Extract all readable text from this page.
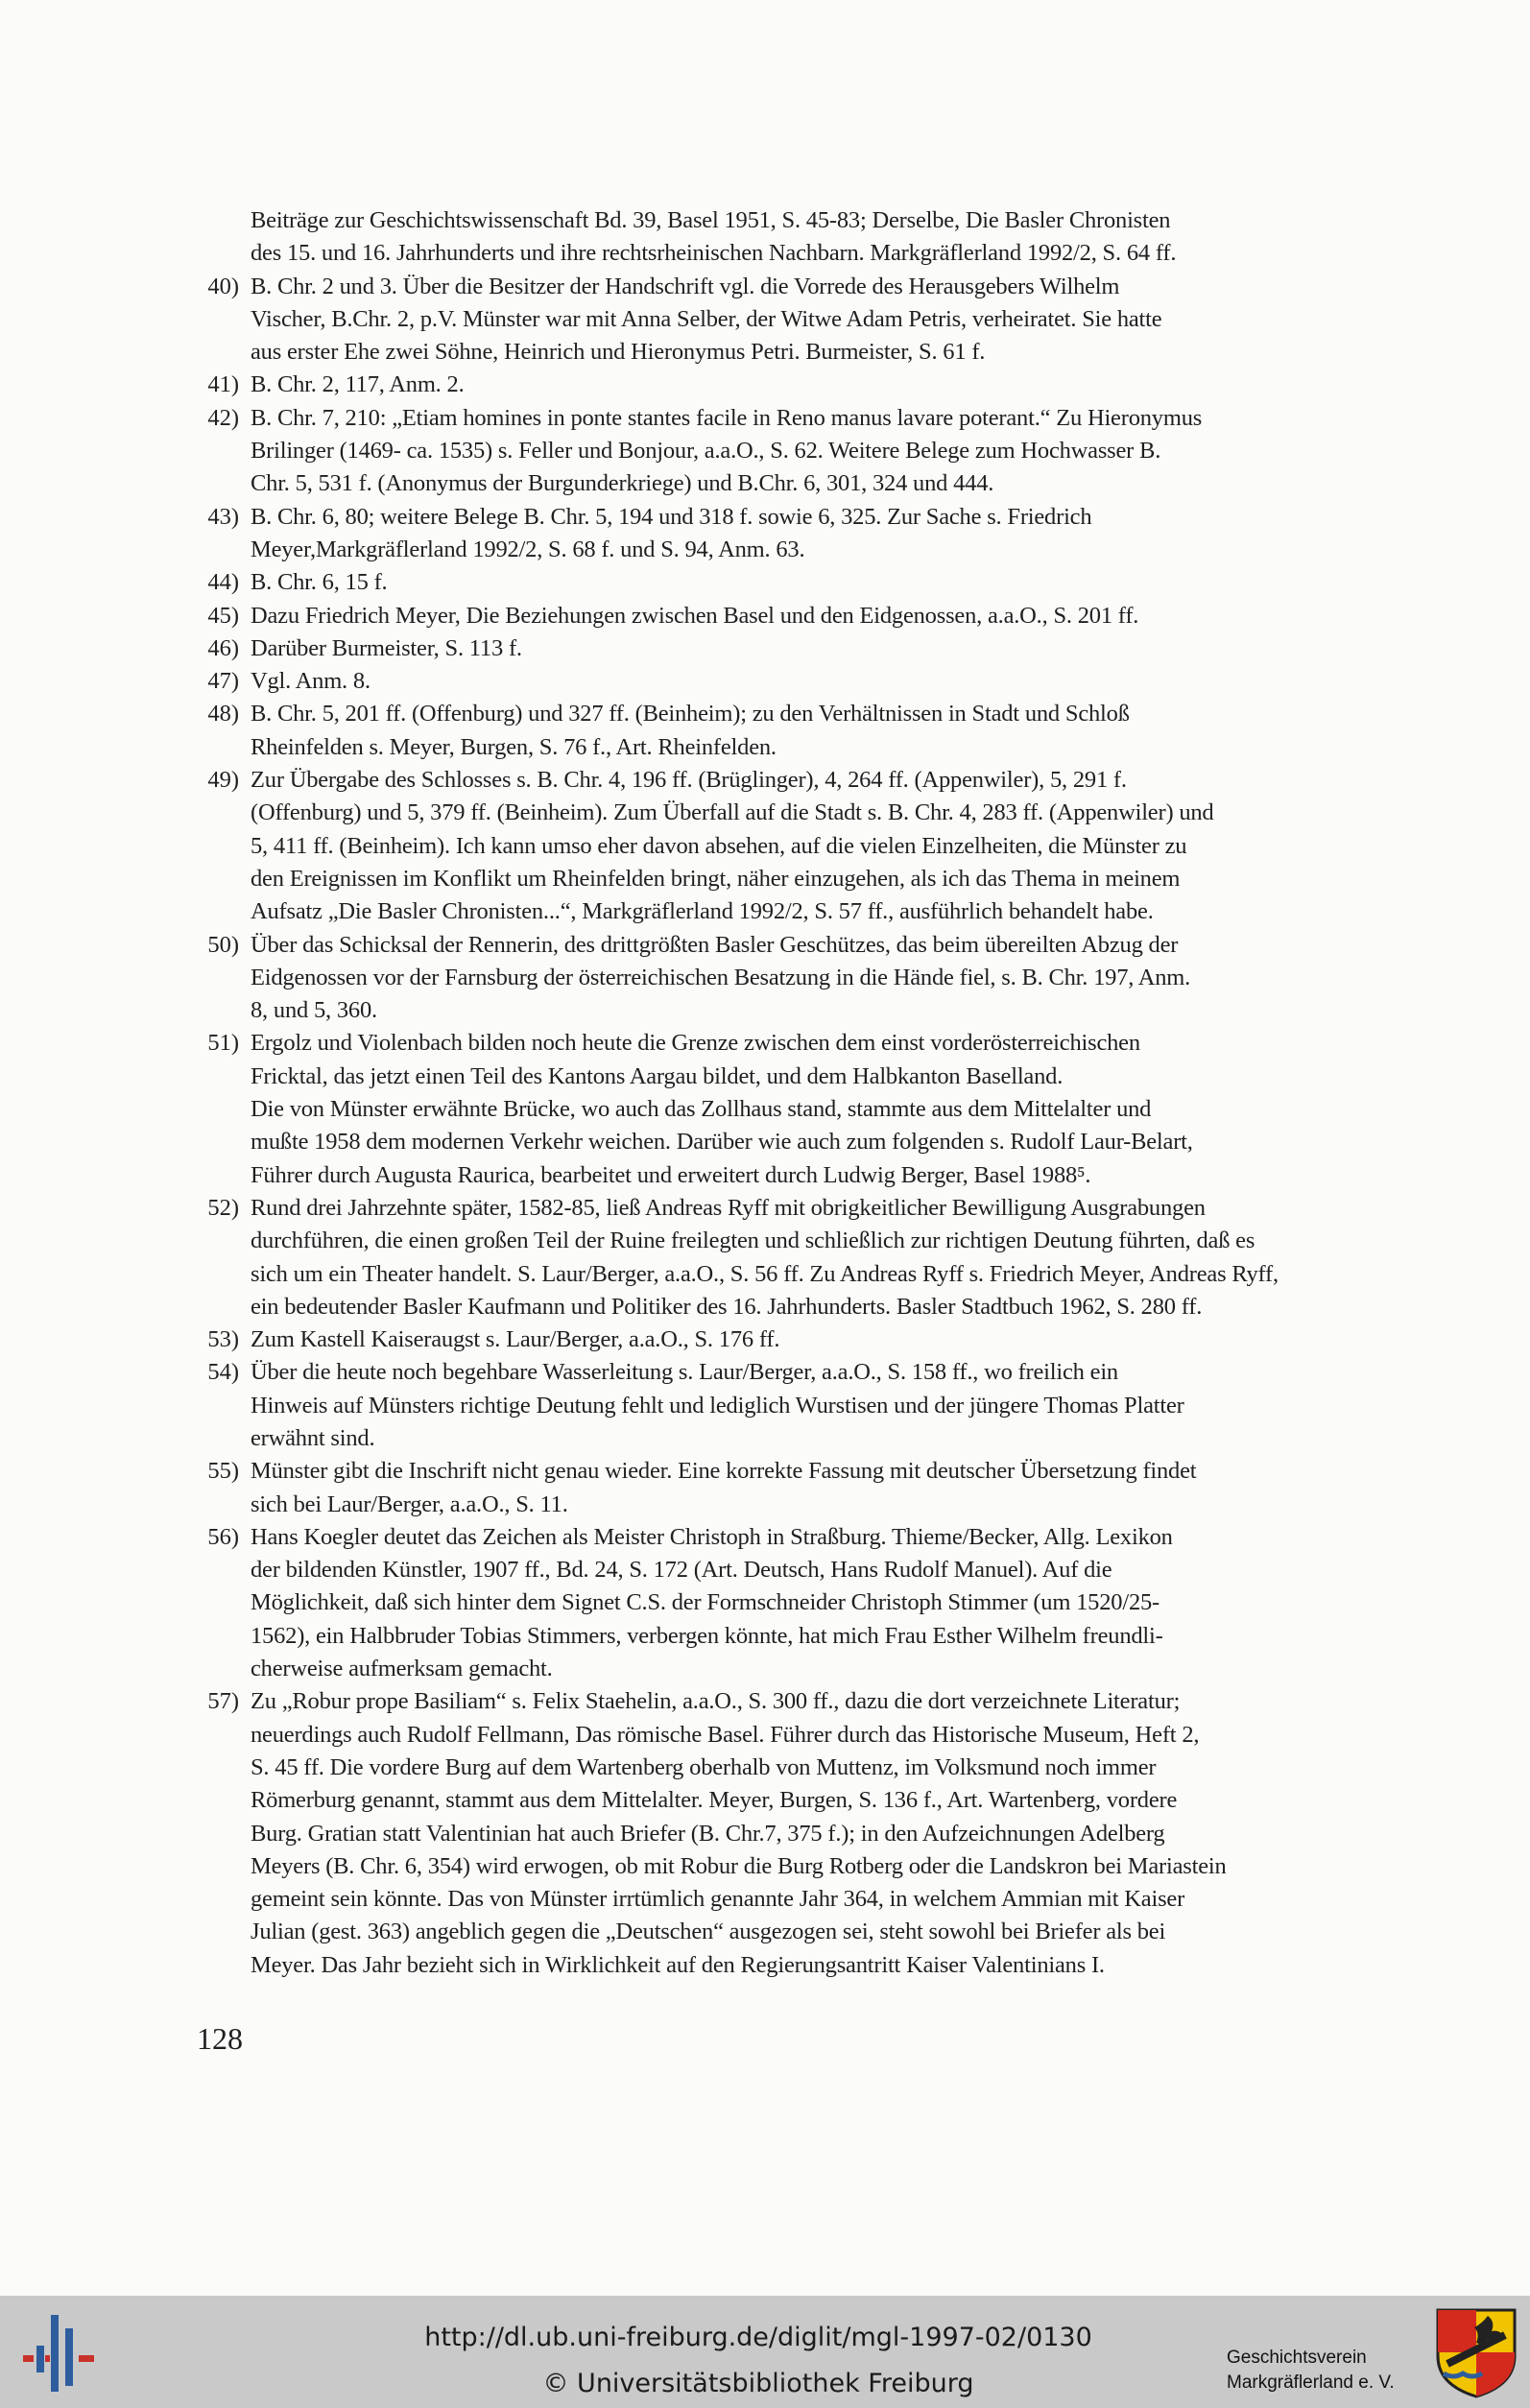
Beiträge zur Geschichtswissenschaft Bd. 39, Basel 1951, S. 45-83; Derselbe, Die Basler Chronisten
des 15. und 16. Jahrhunderts und ihre rechtsrheinischen Nachbarn. Markgräflerland 1992/2, S. 64 ff.

40) B. Chr. 2 und 3. Über die Besitzer der Handschrift vgl. die Vorrede des Herausgebers Wilhelm
Vischer, B.Chr. 2, p.V. Münster war mit Anna Selber, der Witwe Adam Petris, verheiratet. Sie hatte
aus erster Ehe zwei Söhne, Heinrich und Hieronymus Petri. Burmeister, S. 61 f.

41) B. Chr. 2, 117, Anm. 2.

42) B. Chr. 7, 210: „Etiam homines in ponte stantes facile in Reno manus lavare poterant.“ Zu Hieronymus
Brilinger (1469- ca. 1535) s. Feller und Bonjour, a.a.O., S. 62. Weitere Belege zum Hochwasser B.
Chr. 5, 531 f. (Anonymus der Burgunderkriege) und B.Chr. 6, 301, 324 und 444.

43) B. Chr. 6, 80; weitere Belege B. Chr. 5, 194 und 318 f. sowie 6, 325. Zur Sache s. Friedrich
Meyer,Markgräflerland 1992/2, S. 68 f. und S. 94, Anm. 63.

44) B. Chr. 6, 15 f.

45) Dazu Friedrich Meyer, Die Beziehungen zwischen Basel und den Eidgenossen, a.a.O., S. 201 ff.

46) Darüber Burmeister, S. 113 f.

47) Vgl. Anm. 8.

48) B. Chr. 5, 201 ff. (Offenburg) und 327 ff. (Beinheim); zu den Verhältnissen in Stadt und Schloß
Rheinfelden s. Meyer, Burgen, S. 76 f., Art. Rheinfelden.

49) Zur Übergabe des Schlosses s. B. Chr. 4, 196 ff. (Brüglinger), 4, 264 ff. (Appenwiler), 5, 291 f.
(Offenburg) und 5, 379 ff. (Beinheim). Zum Überfall auf die Stadt s. B. Chr. 4, 283 ff. (Appenwiler) und
5, 411 ff. (Beinheim). Ich kann umso eher davon absehen, auf die vielen Einzelheiten, die Münster zu
den Ereignissen im Konflikt um Rheinfelden bringt, näher einzugehen, als ich das Thema in meinem
Aufsatz „Die Basler Chronisten...“, Markgräflerland 1992/2, S. 57 ff., ausführlich behandelt habe.

50) Über das Schicksal der Rennerin, des drittgrößten Basler Geschützes, das beim übereilten Abzug der
Eidgenossen vor der Farnsburg der österreichischen Besatzung in die Hände fiel, s. B. Chr. 197, Anm.
8, und 5, 360.

51) Ergolz und Violenbach bilden noch heute die Grenze zwischen dem einst vorderösterreichischen
Fricktal, das jetzt einen Teil des Kantons Aargau bildet, und dem Halbkanton Baselland.
Die von Münster erwähnte Brücke, wo auch das Zollhaus stand, stammte aus dem Mittelalter und
mußte 1958 dem modernen Verkehr weichen. Darüber wie auch zum folgenden s. Rudolf Laur-Belart,
Führer durch Augusta Raurica, bearbeitet und erweitert durch Ludwig Berger, Basel 1988⁵.

52) Rund drei Jahrzehnte später, 1582-85, ließ Andreas Ryff mit obrigkeitlicher Bewilligung Ausgrabungen
durchführen, die einen großen Teil der Ruine freilegten und schließlich zur richtigen Deutung führten, daß es
sich um ein Theater handelt. S. Laur/Berger, a.a.O., S. 56 ff. Zu Andreas Ryff s. Friedrich Meyer, Andreas Ryff,
ein bedeutender Basler Kaufmann und Politiker des 16. Jahrhunderts. Basler Stadtbuch 1962, S. 280 ff.

53) Zum Kastell Kaiseraugst s. Laur/Berger, a.a.O., S. 176 ff.

54) Über die heute noch begehbare Wasserleitung s. Laur/Berger, a.a.O., S. 158 ff., wo freilich ein
Hinweis auf Münsters richtige Deutung fehlt und lediglich Wurstisen und der jüngere Thomas Platter
erwähnt sind.

55) Münster gibt die Inschrift nicht genau wieder. Eine korrekte Fassung mit deutscher Übersetzung findet
sich bei Laur/Berger, a.a.O., S. 11.

56) Hans Koegler deutet das Zeichen als Meister Christoph in Straßburg. Thieme/Becker, Allg. Lexikon
der bildenden Künstler, 1907 ff., Bd. 24, S. 172 (Art. Deutsch, Hans Rudolf Manuel). Auf die
Möglichkeit, daß sich hinter dem Signet C.S. der Formschneider Christoph Stimmer (um 1520/25-
1562), ein Halbbruder Tobias Stimmers, verbergen könnte, hat mich Frau Esther Wilhelm freundli-
cherweise aufmerksam gemacht.

57) Zu „Robur prope Basiliam“ s. Felix Staehelin, a.a.O., S. 300 ff., dazu die dort verzeichnete Literatur;
neuerdings auch Rudolf Fellmann, Das römische Basel. Führer durch das Historische Museum, Heft 2,
S. 45 ff. Die vordere Burg auf dem Wartenberg oberhalb von Muttenz, im Volksmund noch immer
Römerburg genannt, stammt aus dem Mittelalter. Meyer, Burgen, S. 136 f., Art. Wartenberg, vordere
Burg. Gratian statt Valentinian hat auch Briefer (B. Chr.7, 375 f.); in den Aufzeichnungen Adelberg
Meyers (B. Chr. 6, 354) wird erwogen, ob mit Robur die Burg Rotberg oder die Landskron bei Mariastein
gemeint sein könnte. Das von Münster irrtümlich genannte Jahr 364, in welchem Ammian mit Kaiser
Julian (gest. 363) angeblich gegen die „Deutschen“ ausgezogen sei, steht sowohl bei Briefer als bei
Meyer. Das Jahr bezieht sich in Wirklichkeit auf den Regierungsantritt Kaiser Valentinians I.

128
http://dl.ub.uni-freiburg.de/diglit/mgl-1997-02/0130
© Universitätsbibliothek Freiburg
Geschichtsverein
Markgräflerland e. V.
